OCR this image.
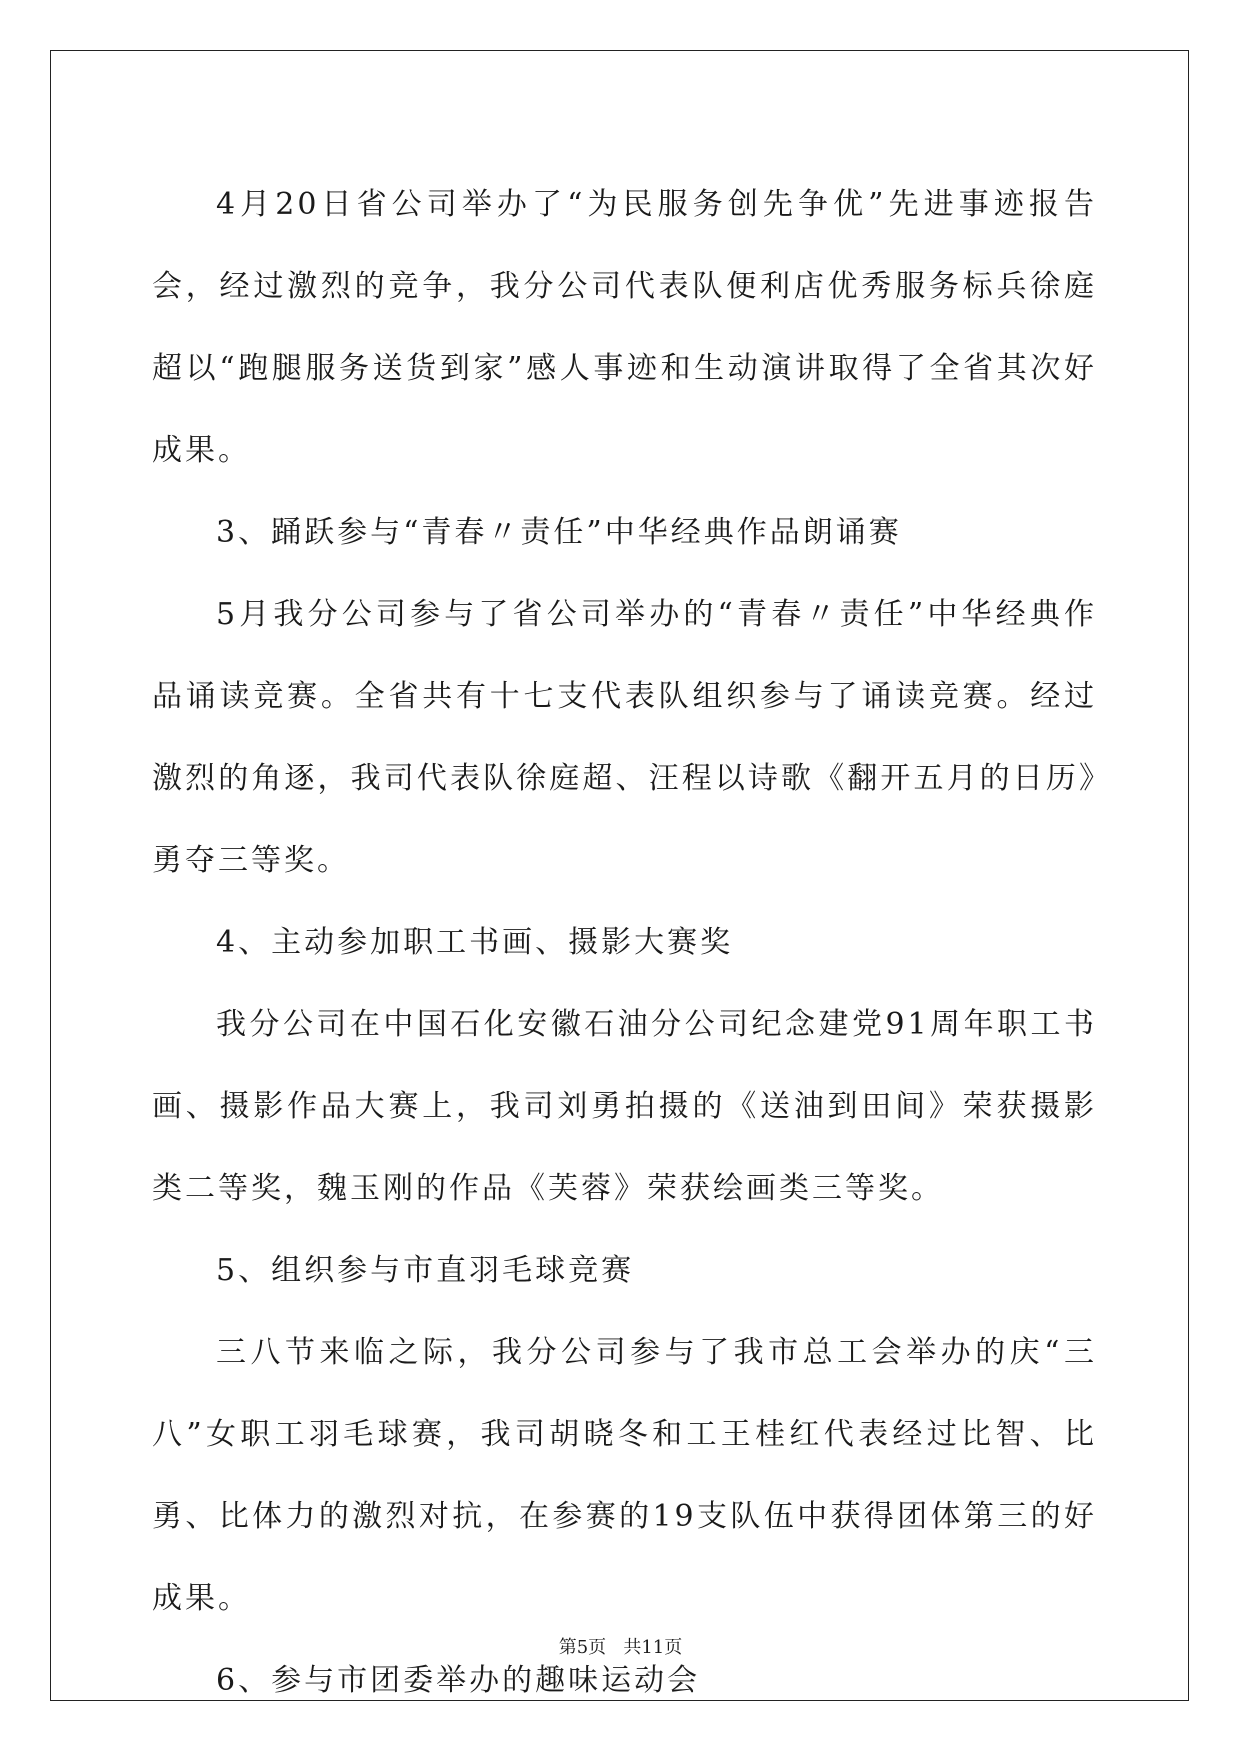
4月20日省公司举办了“为民服务创先争优”先进事迹报告会，经过激烈的竞争，我分公司代表队便利店优秀服务标兵徐庭超以“跑腿服务送货到家”感人事迹和生动演讲取得了全省其次好成果。

3、踊跃参与“青春〃责任”中华经典作品朗诵赛

5月我分公司参与了省公司举办的“青春〃责任”中华经典作品诵读竞赛。全省共有十七支代表队组织参与了诵读竞赛。经过激烈的角逐，我司代表队徐庭超、汪程以诗歌《翻开五月的日历》勇夺三等奖。

4、主动参加职工书画、摄影大赛奖

我分公司在中国石化安徽石油分公司纪念建党91周年职工书画、摄影作品大赛上，我司刘勇拍摄的《送油到田间》荣获摄影类二等奖，魏玉刚的作品《芙蓉》荣获绘画类三等奖。

5、组织参与市直羽毛球竞赛

三八节来临之际，我分公司参与了我市总工会举办的庆“三八”女职工羽毛球赛，我司胡晓冬和工王桂红代表经过比智、比勇、比体力的激烈对抗，在参赛的19支队伍中获得团体第三的好成果。

6、参与市团委举办的趣味运动会

第5页 共11页
